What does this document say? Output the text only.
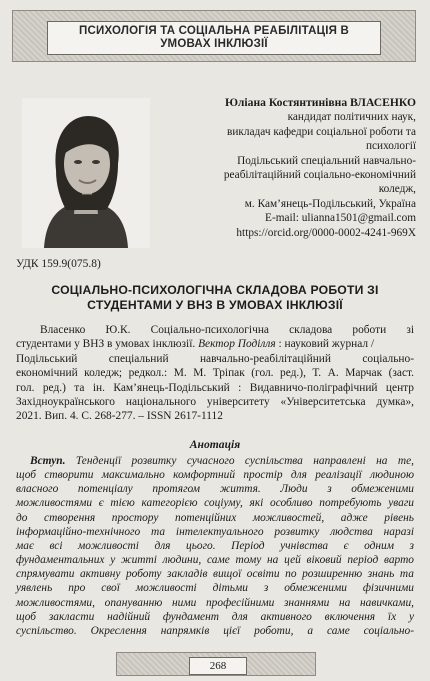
ПСИХОЛОГІЯ ТА СОЦІАЛЬНА РЕАБІЛІТАЦІЯ В
УМОВАХ ІНКЛЮЗІЇ
Юліана Костянтинівна ВЛАСЕНКО
кандидат політичних наук,
викладач кафедри соціальної роботи та
психології
Подільський спеціальний навчально-
реабілітаційний соціально-економічний
коледж,
м. Кам’янець-Подільський, Україна
E-mail: ulianna1501@gmail.com
https://orcid.org/0000-0002-4241-969X
УДК 159.9(075.8)
СОЦІАЛЬНО-ПСИХОЛОГІЧНА СКЛАДОВА РОБОТИ ЗІ
СТУДЕНТАМИ У ВНЗ В УМОВАХ ІНКЛЮЗІЇ
Власенко Ю.К. Соціально-психологічна складова роботи зі
студентами у ВНЗ в умовах інклюзії. Вектор Поділля : науковий журнал /
Подільський спеціальний навчально-реабілітаційний соціально-
економічний коледж; редкол.: М. М. Тріпак (гол. ред.), Т. А. Марчак (заст.
гол. ред.) та ін. Кам’янець-Подільський : Видавничо-поліграфічний центр
Західноукраїнського національного університету «Університетська думка»,
2021. Вип. 4. С. 268-277. – ISSN 2617-1112
Анотація
Вступ. Тенденції розвитку сучасного суспільства направлені на те,
щоб створити максимально комфортний простір для реалізації людиною
власного потенціалу протягом життя. Люди з обмеженими
можливостями є тією категорією соціуму, які особливо потребують уваги
до створення простору потенційних можливостей, адже рівень
інформаційно-технічного та інтелектуального розвитку людства наразі
має всі можливості для цього. Період учнівства є одним з
фундаментальних у житті людини, саме тому на цей віковий період варто
спрямувати активну роботу закладів вищої освіти по розширенню знань та
уявлень про свої можливості дітьми з обмеженими фізичними
можливостями, опануванню ними професійними знаннями на навичками,
щоб закласти надійний фундамент для активного включення їх у
суспільство. Окреслення напрямків цієї роботи, а саме соціально-
268
